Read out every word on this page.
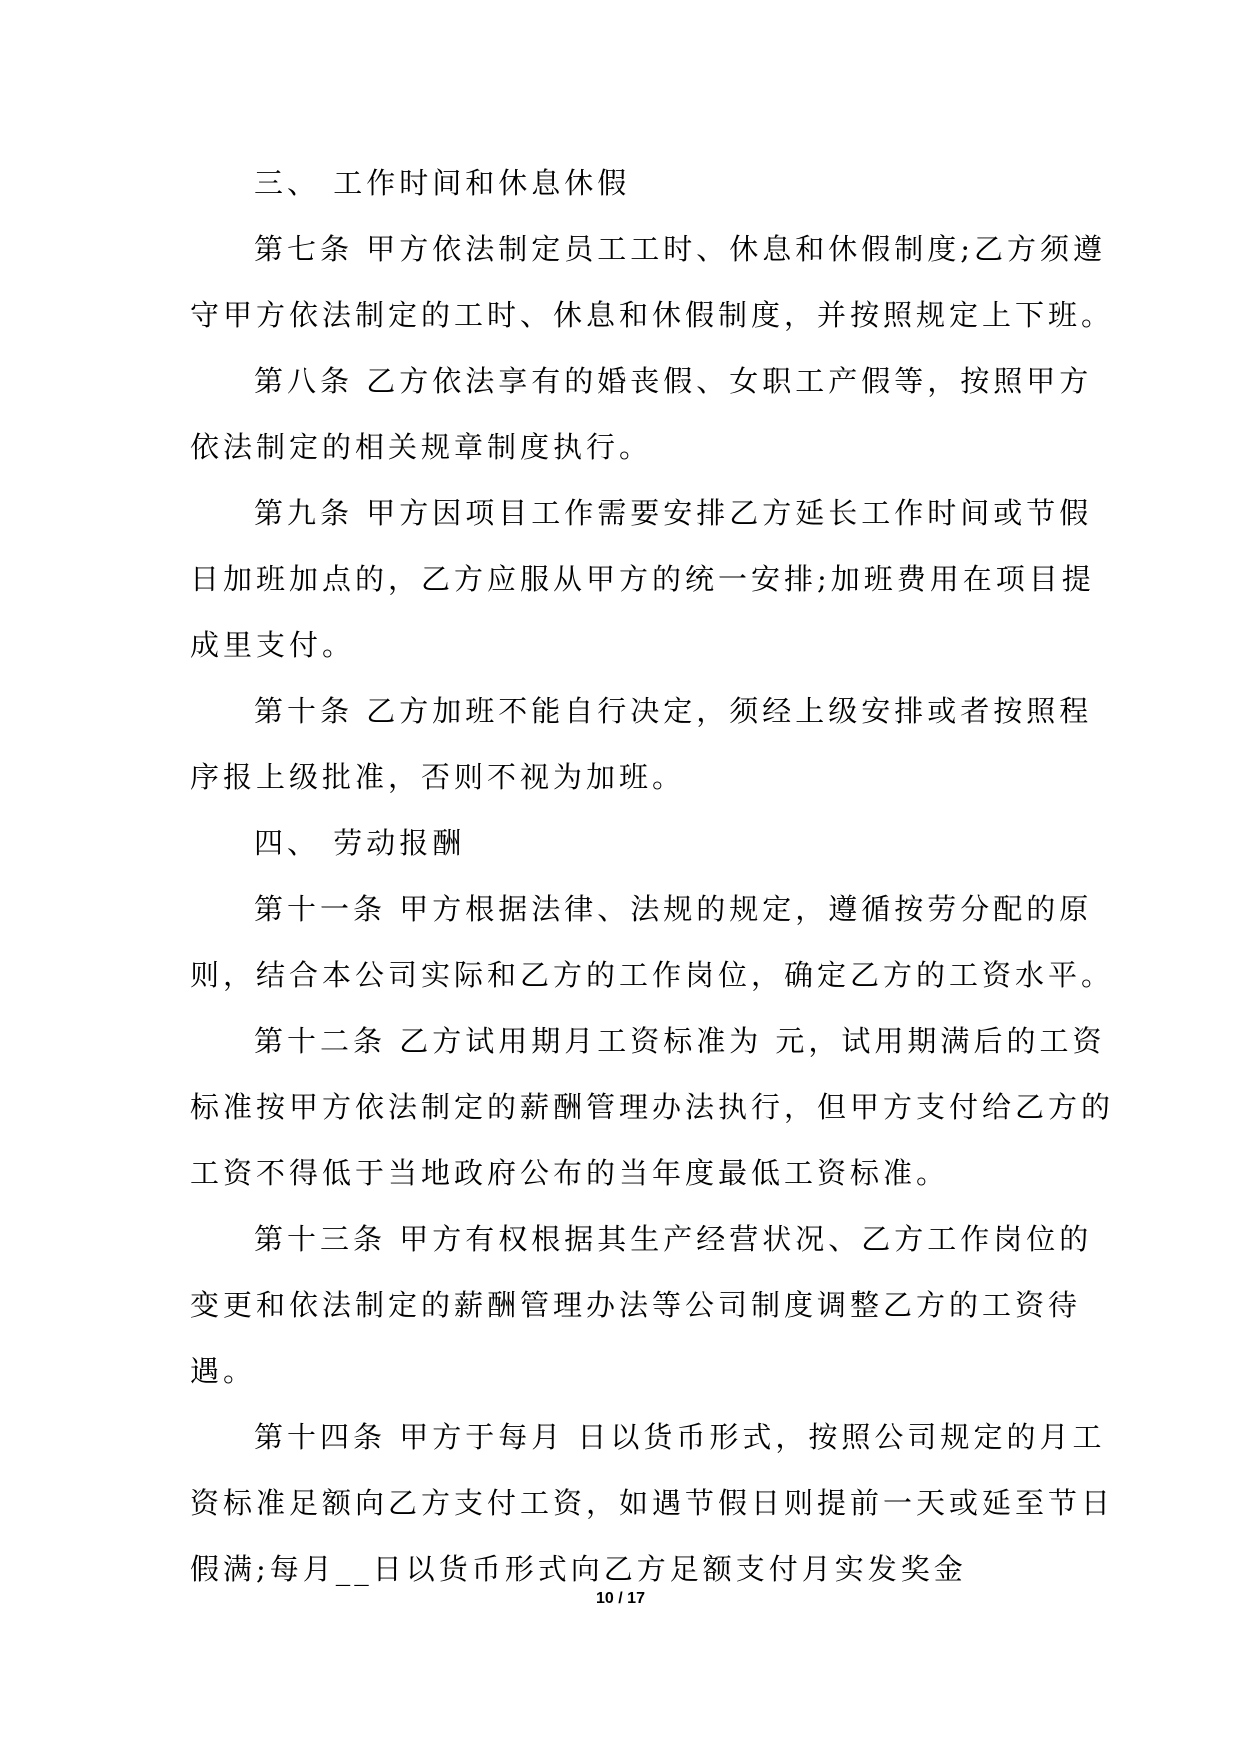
三、 工作时间和休息休假
第七条 甲方依法制定员工工时、休息和休假制度;乙方须遵
守甲方依法制定的工时、休息和休假制度，并按照规定上下班。
第八条 乙方依法享有的婚丧假、女职工产假等，按照甲方
依法制定的相关规章制度执行。
第九条 甲方因项目工作需要安排乙方延长工作时间或节假
日加班加点的，乙方应服从甲方的统一安排;加班费用在项目提
成里支付。
第十条 乙方加班不能自行决定，须经上级安排或者按照程
序报上级批准，否则不视为加班。
四、 劳动报酬
第十一条 甲方根据法律、法规的规定，遵循按劳分配的原
则，结合本公司实际和乙方的工作岗位，确定乙方的工资水平。
第十二条 乙方试用期月工资标准为 元，试用期满后的工资
标准按甲方依法制定的薪酬管理办法执行，但甲方支付给乙方的
工资不得低于当地政府公布的当年度最低工资标准。
第十三条 甲方有权根据其生产经营状况、乙方工作岗位的
变更和依法制定的薪酬管理办法等公司制度调整乙方的工资待
遇。
第十四条 甲方于每月 日以货币形式，按照公司规定的月工
资标准足额向乙方支付工资，如遇节假日则提前一天或延至节日
假满;每月__日以货币形式向乙方足额支付月实发奖金
10 / 17
